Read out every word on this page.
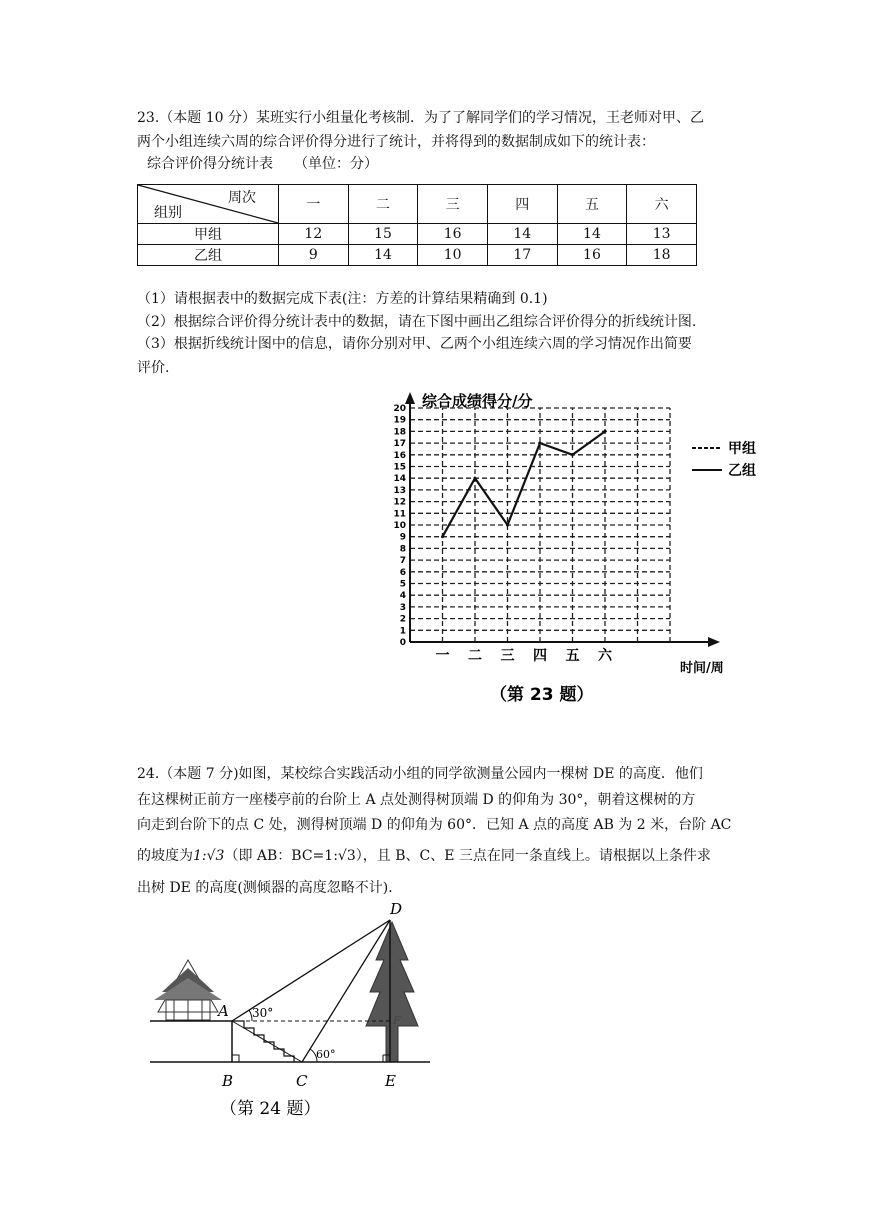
23.（本题 10 分）某班实行小组量化考核制．为了了解同学们的学习情况，王老师对甲、乙
两个小组连续六周的综合评价得分进行了统计，并将得到的数据制成如下的统计表：
综合评价得分统计表　　（单位：分）
周次
组别	一	二	三	四	五	六
甲组	12	15	16	14	14	13
乙组	9	14	10	17	16	18
（1）请根据表中的数据完成下表(注：方差的计算结果精确到 0.1)
（2）根据综合评价得分统计表中的数据，请在下图中画出乙组综合评价得分的折线统计图.
（3）根据折线统计图中的信息，请你分别对甲、乙两个小组连续六周的学习情况作出简要
评价.
0
1
2
3
4
5
6
7
8
9
10
11
12
13
14
15
16
17
18
19
20
一 二 三 四 五 六
综合成绩得分/分
时间/周
甲组
乙组
（第 23 题）
24.（本题 7 分)如图，某校综合实践活动小组的同学欲测量公园内一棵树 DE 的高度．他们
在这棵树正前方一座楼亭前的台阶上 A 点处测得树顶端 D 的仰角为 30°，朝着这棵树的方
向走到台阶下的点 C 处，测得树顶端 D 的仰角为 60°．已知 A 点的高度 AB 为 2 米，台阶 AC
的坡度为1:√3（即 AB：BC=1:√3），且 B、C、E 三点在同一条直线上。请根据以上条件求
出树 DE 的高度(测倾器的高度忽略不计)．
30°
60°
A
B	C
D
E
F
（第 24 题）
